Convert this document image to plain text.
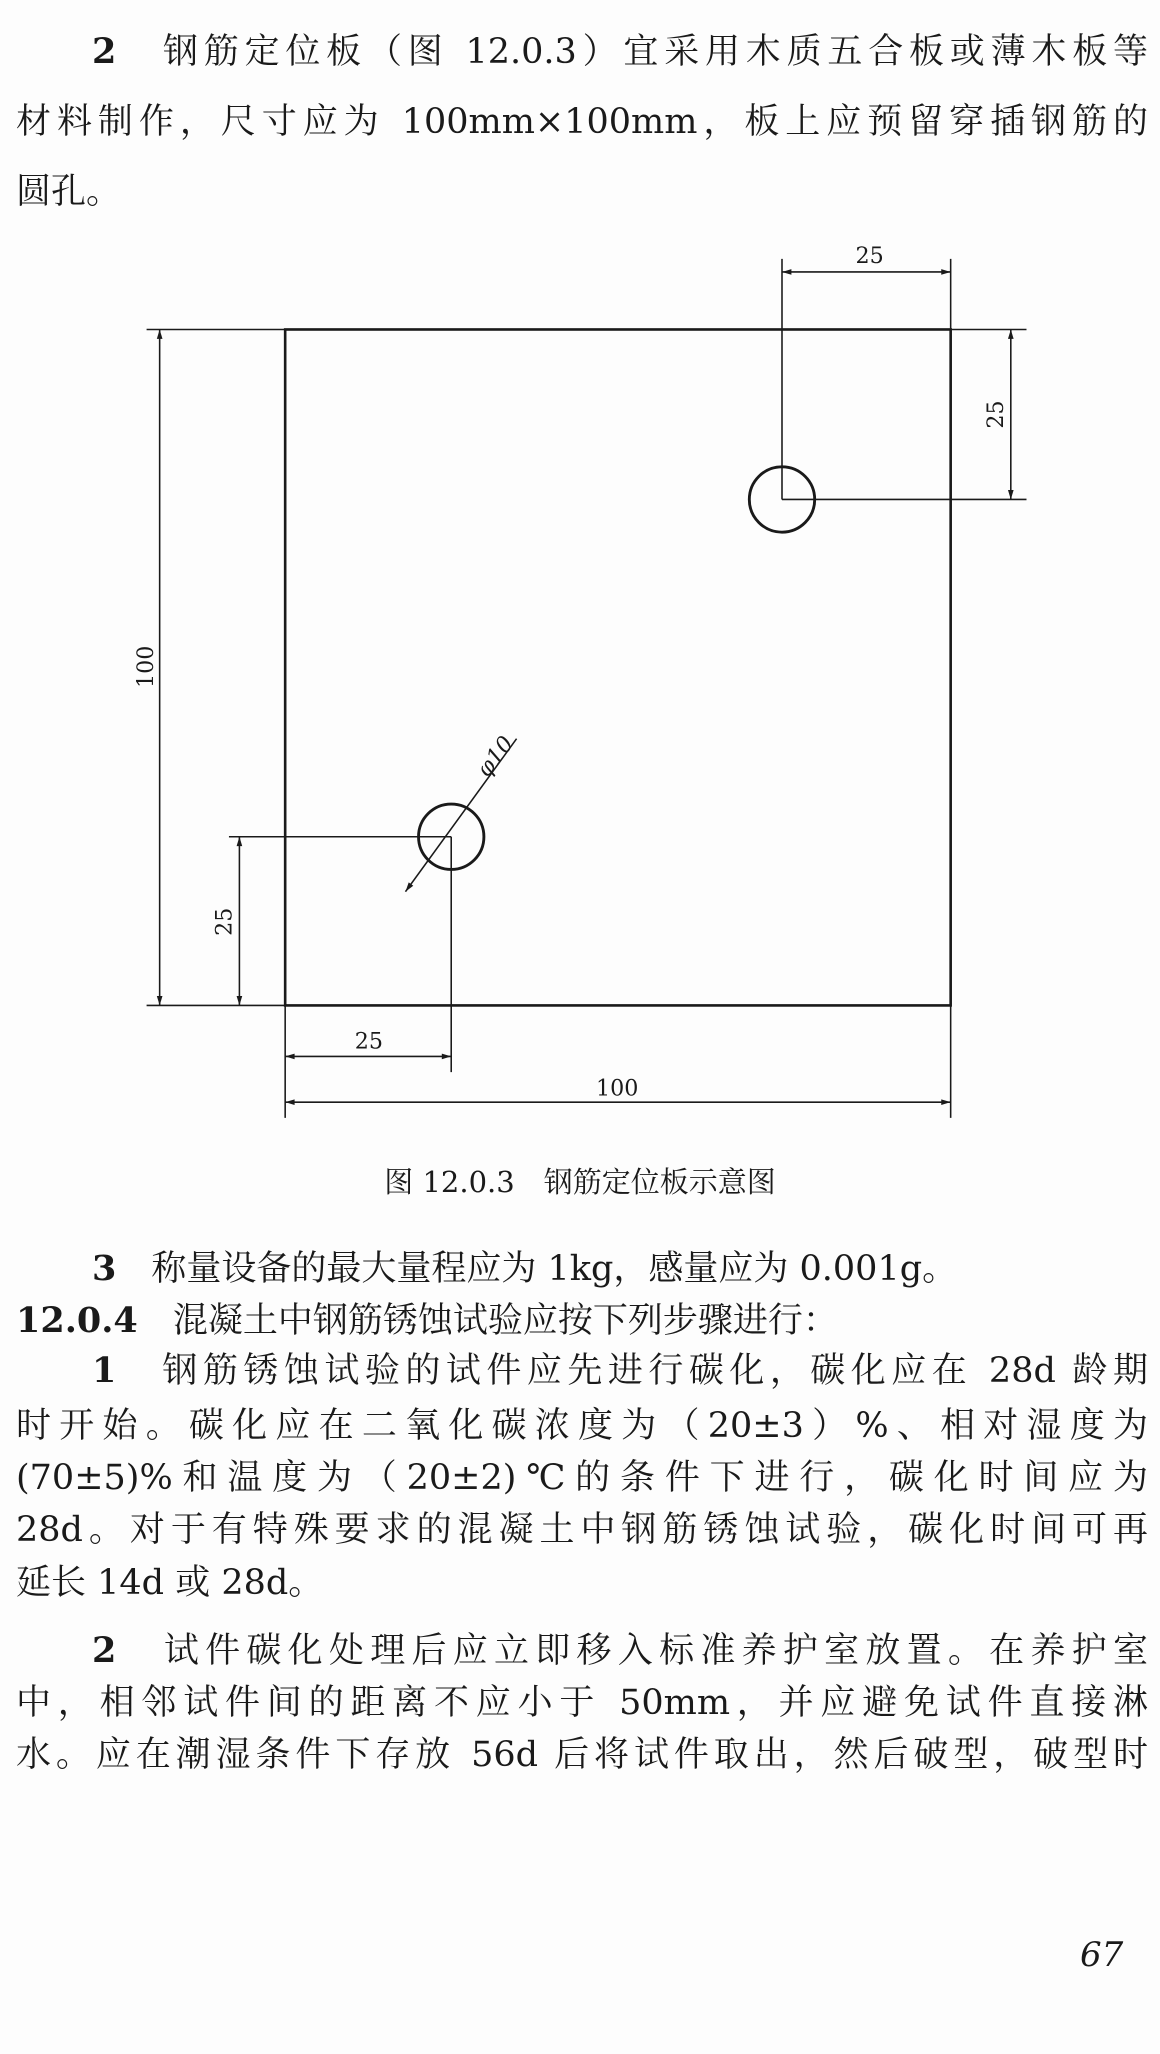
2　 钢筋定位板（图 12.0.3）宜采用木质五合板或薄木板等
材料制作，尺寸应为 100mm×100mm，板上应预留穿插钢筋的
圆孔。
25
25
100
25
25
100
φ10
图 12.0.3　钢筋定位板示意图
3　 称量设备的最大量程应为 1kg，感量应为 0.001g。
12.0.4　 混凝土中钢筋锈蚀试验应按下列步骤进行：
1　 钢筋锈蚀试验的试件应先进行碳化，碳化应在 28d 龄期
时开始。碳化应在二氧化碳浓度为（20±3）%、相对湿度为
(70±5)%和温度为（20±2)℃的条件下进行，碳化时间应为
28d。对于有特殊要求的混凝土中钢筋锈蚀试验，碳化时间可再
延长 14d 或 28d。
2　 试件碳化处理后应立即移入标准养护室放置。在养护室
中，相邻试件间的距离不应小于 50mm，并应避免试件直接淋
水。应在潮湿条件下存放 56d 后将试件取出，然后破型，破型时
67
